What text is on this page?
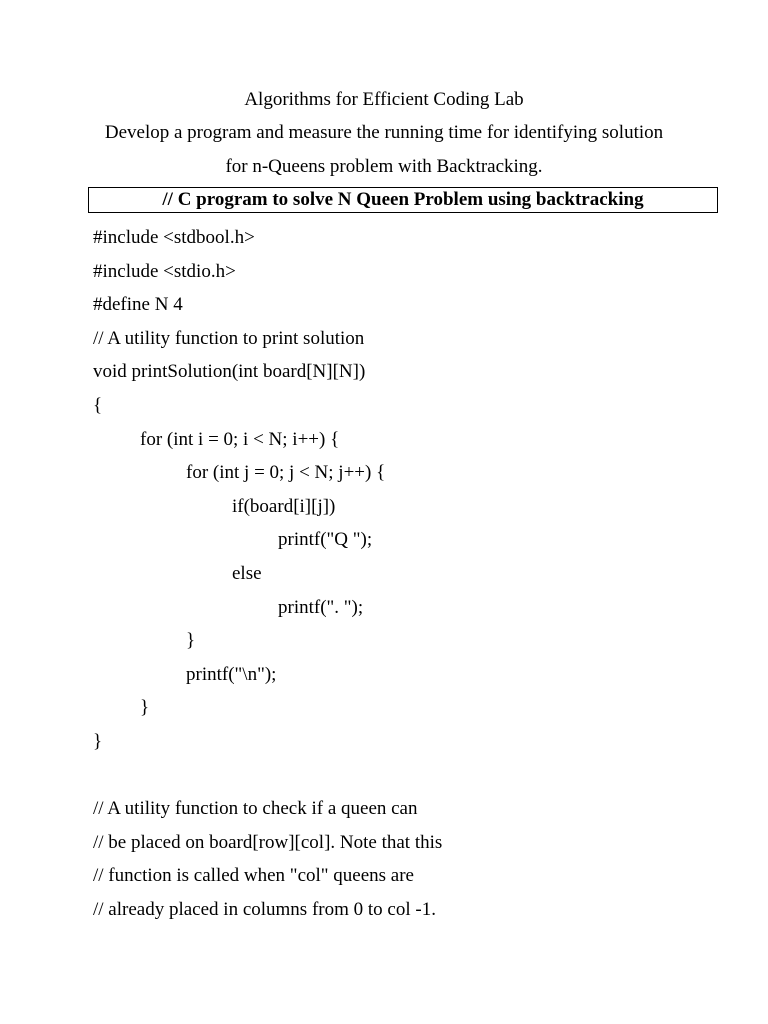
Algorithms for Efficient Coding Lab
Develop a program and measure the running time for identifying solution
for n-Queens problem with Backtracking.
// C program to solve N Queen Problem using backtracking
#include <stdbool.h>
#include <stdio.h>
#define N 4
// A utility function to print solution
void printSolution(int board[N][N])
{
for (int i = 0; i < N; i++) {
for (int j = 0; j < N; j++) {
if(board[i][j])
printf("Q ");
else
printf(". ");
}
printf("\n");
}
}
// A utility function to check if a queen can
// be placed on board[row][col]. Note that this
// function is called when "col" queens are
// already placed in columns from 0 to col -1.
